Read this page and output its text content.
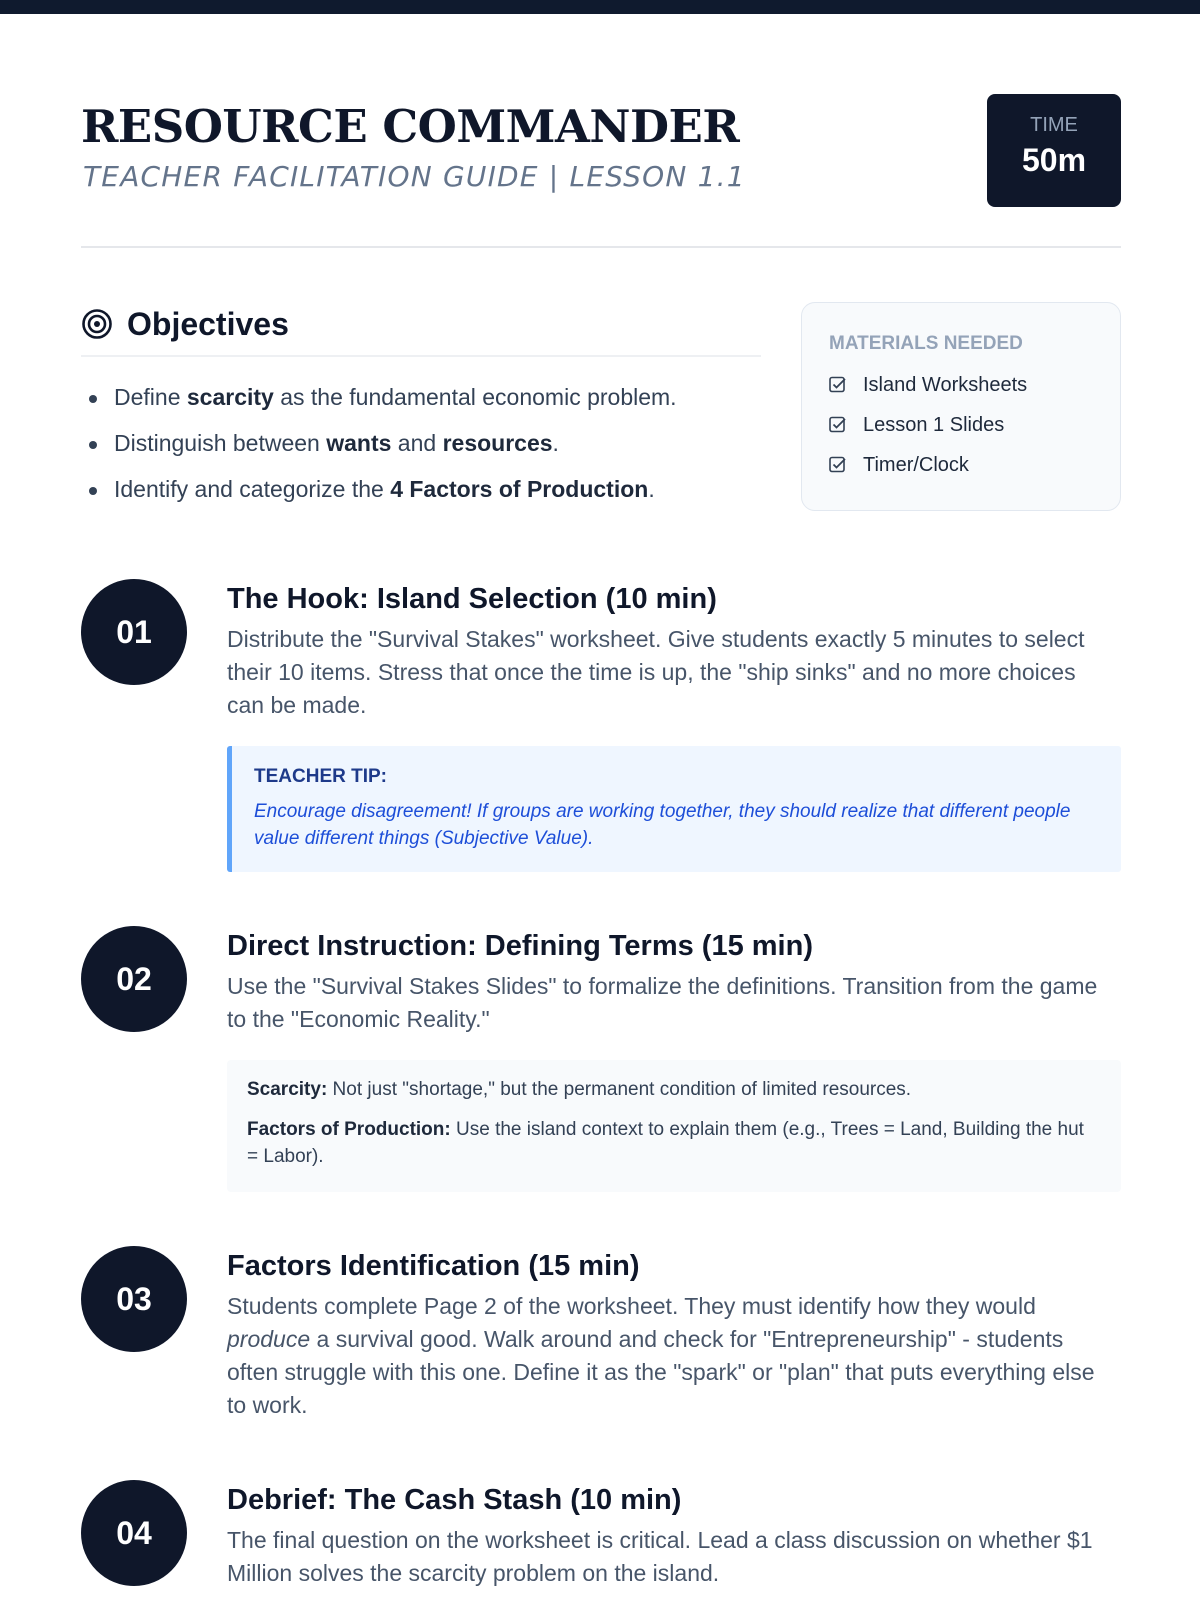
RESOURCE COMMANDER
TEACHER FACILITATION GUIDE | LESSON 1.1
TIME
50m
Objectives
Define scarcity as the fundamental economic problem.
Distinguish between wants and resources.
Identify and categorize the 4 Factors of Production.
MATERIALS NEEDED
Island Worksheets
Lesson 1 Slides
Timer/Clock
01
The Hook: Island Selection (10 min)
Distribute the "Survival Stakes" worksheet. Give students exactly 5 minutes to select their 10 items. Stress that once the time is up, the "ship sinks" and no more choices can be made.
TEACHER TIP:
Encourage disagreement! If groups are working together, they should realize that different people value different things (Subjective Value).
02
Direct Instruction: Defining Terms (15 min)
Use the "Survival Stakes Slides" to formalize the definitions. Transition from the game to the "Economic Reality."
Scarcity: Not just "shortage," but the permanent condition of limited resources.
Factors of Production: Use the island context to explain them (e.g., Trees = Land, Building the hut = Labor).
03
Factors Identification (15 min)
Students complete Page 2 of the worksheet. They must identify how they would produce a survival good. Walk around and check for "Entrepreneurship" - students often struggle with this one. Define it as the "spark" or "plan" that puts everything else to work.
04
Debrief: The Cash Stash (10 min)
The final question on the worksheet is critical. Lead a class discussion on whether $1 Million solves the scarcity problem on the island.
